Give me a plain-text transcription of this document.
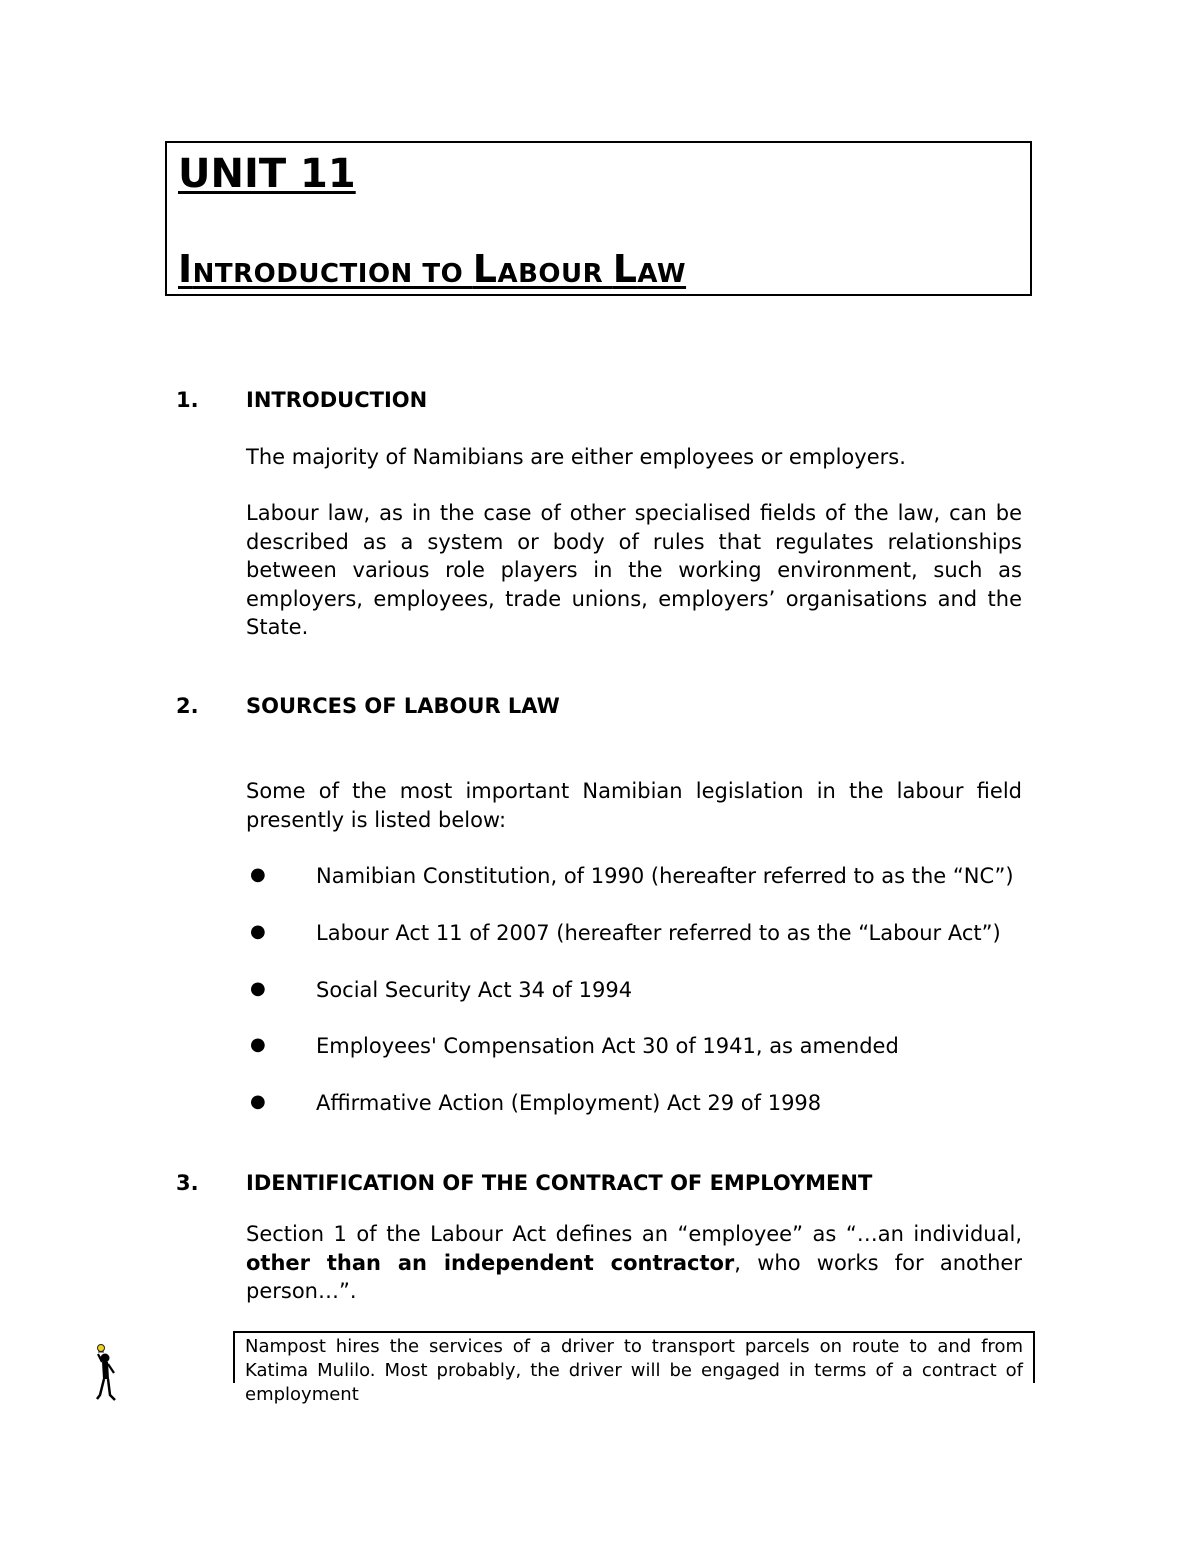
UNIT 11
INTRODUCTION TO LABOUR LAW
1. INTRODUCTION
The majority of Namibians are either employees or employers.
Labour law, as in the case of other specialised fields of the law, can be described as a system or body of rules that regulates relationships between various role players in the working environment, such as employers, employees, trade unions, employers’ organisations and the State.
2. SOURCES OF LABOUR LAW
Some of the most important Namibian legislation in the labour field presently is listed below:
● Namibian Constitution, of 1990 (hereafter referred to as the “NC”)
● Labour Act 11 of 2007 (hereafter referred to as the “Labour Act”)
● Social Security Act 34 of 1994
● Employees' Compensation Act 30 of 1941, as amended
● Affirmative Action (Employment) Act 29 of 1998
3. IDENTIFICATION OF THE CONTRACT OF EMPLOYMENT
Section 1 of the Labour Act defines an “employee” as “…an individual, other than an independent contractor, who works for another person…”.
Nampost hires the services of a driver to transport parcels on route to and from Katima Mulilo. Most probably, the driver will be engaged in terms of a contract of employment
